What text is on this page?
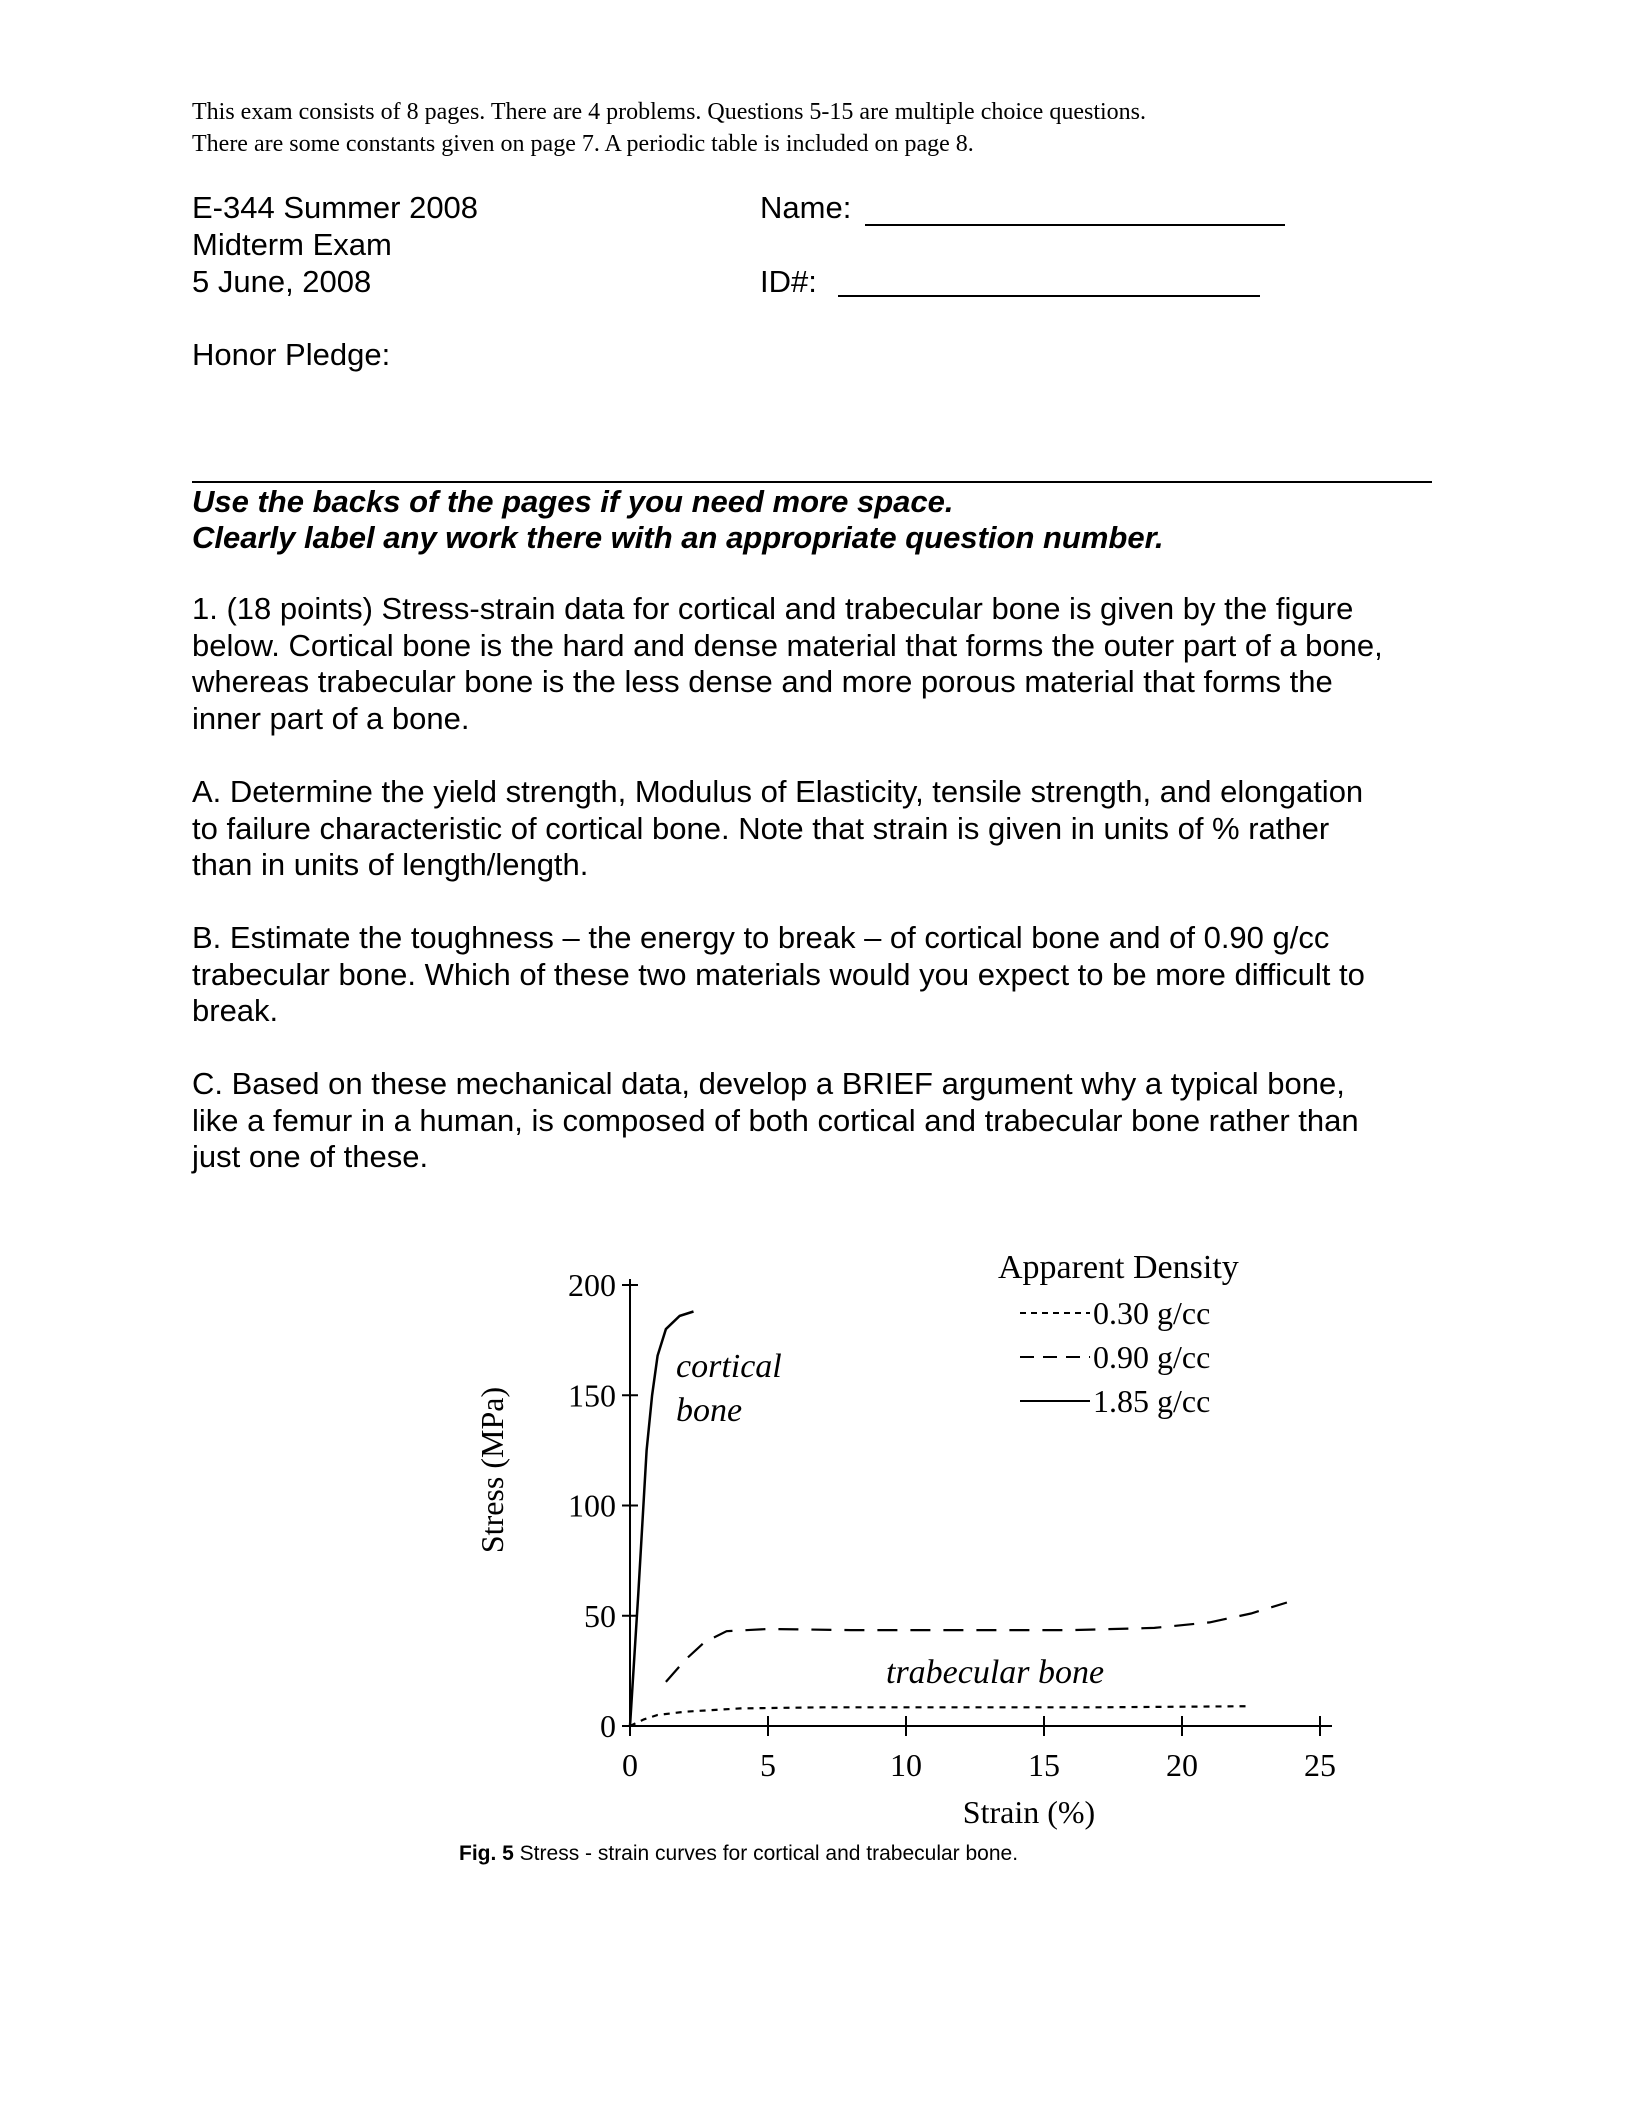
This exam consists of 8 pages. There are 4 problems. Questions 5-15 are multiple choice questions.
There are some constants given on page 7. A periodic table is included on page 8.
E-344 Summer 2008
Midterm Exam
5 June, 2008
Name:
ID#:
Honor Pledge:
Use the backs of the pages if you need more space.
Clearly label any work there with an appropriate question number.
1. (18 points) Stress-strain data for cortical and trabecular bone is given by the figure
below. Cortical bone is the hard and dense material that forms the outer part of a bone,
whereas trabecular bone is the less dense and more porous material that forms the
inner part of a bone.
A. Determine the yield strength, Modulus of Elasticity, tensile strength, and elongation
to failure characteristic of cortical bone. Note that strain is given in units of % rather
than in units of length/length.
B. Estimate the toughness – the energy to break – of cortical bone and of 0.90 g/cc
trabecular bone. Which of these two materials would you expect to be more difficult to
break.
C. Based on these mechanical data, develop a BRIEF argument why a typical bone,
like a femur in a human, is composed of both cortical and trabecular bone rather than
just one of these.
0
50
100
150
200
0	5	10	15	20	25
Stress (MPa)
Strain (%)
Apparent Density
0.30 g/cc
0.90 g/cc
1.85 g/cc
cortical
bone
trabecular bone
Fig. 5 Stress - strain curves for cortical and trabecular bone.
